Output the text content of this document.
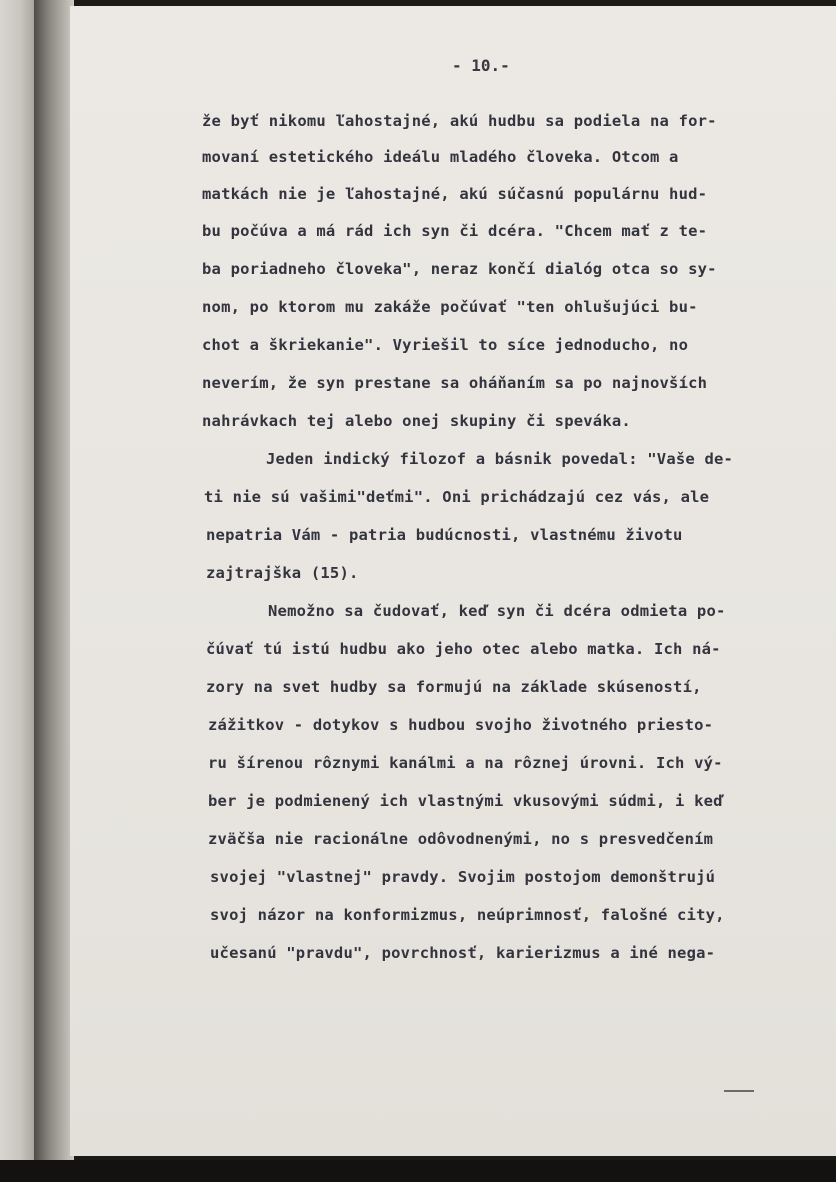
- 10.-
že byť nikomu ľahostajné, akú hudbu sa podiela na for-
movaní estetického ideálu mladého človeka. Otcom a
matkách nie je ľahostajné, akú súčasnú populárnu hud-
bu počúva a má rád ich syn či dcéra. "Chcem mať z te-
ba poriadneho človeka", neraz končí dialóg otca so sy-
nom, po ktorom mu zakáže počúvať "ten ohlušujúci bu-
chot a škriekanie". Vyriešil to síce jednoducho, no
neverím, že syn prestane sa oháňaním sa po najnovších
nahrávkach tej alebo onej skupiny či speváka.
Jeden indický filozof a básnik povedal: "Vaše de-
ti nie sú vašimi"deťmi". Oni prichádzajú cez vás, ale
nepatria Vám - patria budúcnosti, vlastnému životu
zajtrajška (15).
Nemožno sa čudovať, keď syn či dcéra odmieta po-
čúvať tú istú hudbu ako jeho otec alebo matka. Ich ná-
zory na svet hudby sa formujú na základe skúseností,
zážitkov - dotykov s hudbou svojho životného priesto-
ru šírenou rôznymi kanálmi a na rôznej úrovni. Ich vý-
ber je podmienený ich vlastnými vkusovými súdmi, i keď
zväčša nie racionálne odôvodnenými, no s presvedčením
svojej "vlastnej" pravdy. Svojim postojom demonštrujú
svoj názor na konformizmus, neúprimnosť, falošné city,
učesanú "pravdu", povrchnosť, karierizmus a iné nega-
